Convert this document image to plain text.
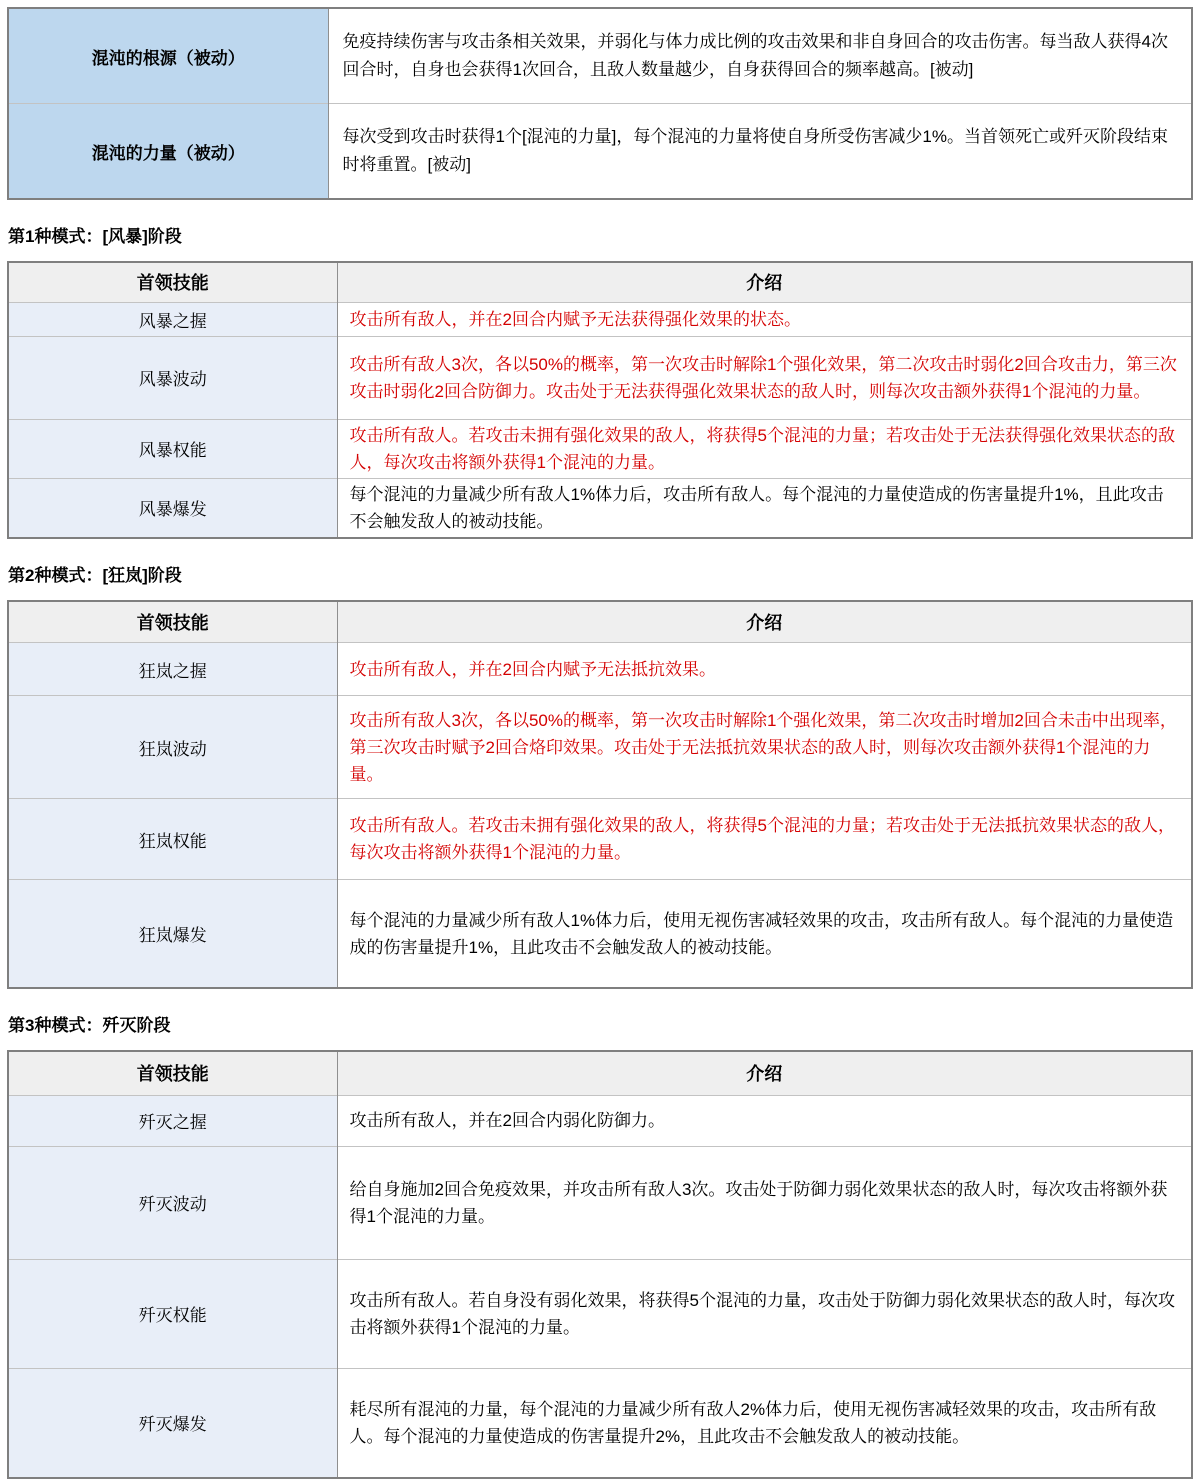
混沌的根源（被动）	免疫持续伤害与攻击条相关效果，并弱化与体力成比例的攻击效果和非自身回合的攻击伤害。每当敌人获得4次回合时，自身也会获得1次回合，且敌人数量越少，自身获得回合的频率越高。[被动]
混沌的力量（被动）	每次受到攻击时获得1个[混沌的力量]，每个混沌的力量将使自身所受伤害减少1%。当首领死亡或歼灭阶段结束时将重置。[被动]
第1种模式：[风暴]阶段
首领技能	介绍
风暴之握	攻击所有敌人，并在2回合内赋予无法获得强化效果的状态。
风暴波动	攻击所有敌人3次，各以50%的概率，第一次攻击时解除1个强化效果，第二次攻击时弱化2回合攻击力，第三次攻击时弱化2回合防御力。攻击处于无法获得强化效果状态的敌人时，则每次攻击额外获得1个混沌的力量。
风暴权能	攻击所有敌人。若攻击未拥有强化效果的敌人，将获得5个混沌的力量；若攻击处于无法获得强化效果状态的敌人，每次攻击将额外获得1个混沌的力量。
风暴爆发	每个混沌的力量减少所有敌人1%体力后，攻击所有敌人。每个混沌的力量使造成的伤害量提升1%，且此攻击不会触发敌人的被动技能。
第2种模式：[狂岚]阶段
首领技能	介绍
狂岚之握	攻击所有敌人，并在2回合内赋予无法抵抗效果。
狂岚波动	攻击所有敌人3次，各以50%的概率，第一次攻击时解除1个强化效果，第二次攻击时增加2回合未击中出现率，第三次攻击时赋予2回合烙印效果。攻击处于无法抵抗效果状态的敌人时，则每次攻击额外获得1个混沌的力量。
狂岚权能	攻击所有敌人。若攻击未拥有强化效果的敌人，将获得5个混沌的力量；若攻击处于无法抵抗效果状态的敌人，每次攻击将额外获得1个混沌的力量。
狂岚爆发	每个混沌的力量减少所有敌人1%体力后，使用无视伤害减轻效果的攻击，攻击所有敌人。每个混沌的力量使造成的伤害量提升1%，且此攻击不会触发敌人的被动技能。
第3种模式：歼灭阶段
首领技能	介绍
歼灭之握	攻击所有敌人，并在2回合内弱化防御力。
歼灭波动	给自身施加2回合免疫效果，并攻击所有敌人3次。攻击处于防御力弱化效果状态的敌人时，每次攻击将额外获得1个混沌的力量。
歼灭权能	攻击所有敌人。若自身没有弱化效果，将获得5个混沌的力量，攻击处于防御力弱化效果状态的敌人时，每次攻击将额外获得1个混沌的力量。
歼灭爆发	耗尽所有混沌的力量，每个混沌的力量减少所有敌人2%体力后，使用无视伤害减轻效果的攻击，攻击所有敌人。每个混沌的力量使造成的伤害量提升2%，且此攻击不会触发敌人的被动技能。
